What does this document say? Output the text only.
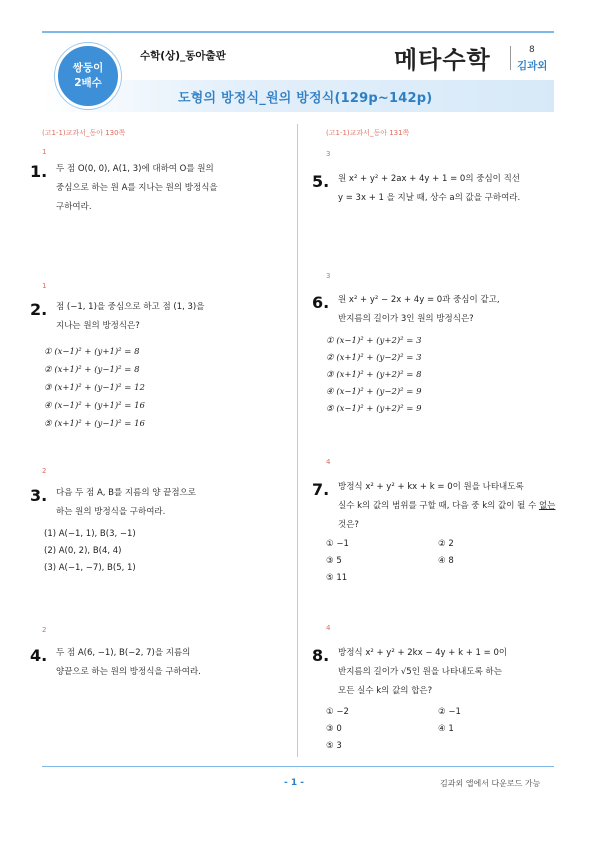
쌍둥이
2배수
수학(상)_동아출판
도형의 방정식_원의 방정식(129p~142p)
메타수학	8
김과외
(고1-1)교과서_동아 130쪽
1
1. 두 점 O(0, 0), A(1, 3)에 대하여 O를 원의
중심으로 하는 원 A를 지나는 원의 방정식을
구하여라.
1
2. 점 (−1, 1)을 중심으로 하고 점 (1, 3)을
지나는 원의 방정식은?
① (x−1)² + (y+1)² = 8
② (x+1)² + (y−1)² = 8
③ (x+1)² + (y−1)² = 12
④ (x−1)² + (y+1)² = 16
⑤ (x+1)² + (y−1)² = 16
2
3. 다음 두 점 A, B를 지름의 양 끝점으로
하는 원의 방정식을 구하여라.
(1) A(−1, 1), B(3, −1)
(2) A(0, 2), B(4, 4)
(3) A(−1, −7), B(5, 1)
2
4. 두 점 A(6, −1), B(−2, 7)을 지름의
양끝으로 하는 원의 방정식을 구하여라.
(고1-1)교과서_동아 131쪽
3
5. 원 x² + y² + 2ax + 4y + 1 = 0의 중심이 직선
y = 3x + 1 을 지날 때, 상수 a의 값을 구하여라.
3
6. 원 x² + y² − 2x + 4y = 0과 중심이 같고,
반지름의 길이가 3인 원의 방정식은?
① (x−1)² + (y+2)² = 3
② (x+1)² + (y−2)² = 3
③ (x+1)² + (y+2)² = 8
④ (x−1)² + (y−2)² = 9
⑤ (x−1)² + (y+2)² = 9
4
7. 방정식 x² + y² + kx + k = 0이 원을 나타내도록
실수 k의 값의 범위를 구할 때, 다음 중 k의 값이 될 수 없는
것은?
① −1	② 2
③ 5	④ 8
⑤ 11
4
8. 방정식 x² + y² + 2kx − 4y + k + 1 = 0이
반지름의 길이가 √5인 원을 나타내도록 하는
모든 실수 k의 값의 합은?
① −2	② −1
③ 0	④ 1
⑤ 3
- 1 -	김과외 앱에서 다운로드 가능
